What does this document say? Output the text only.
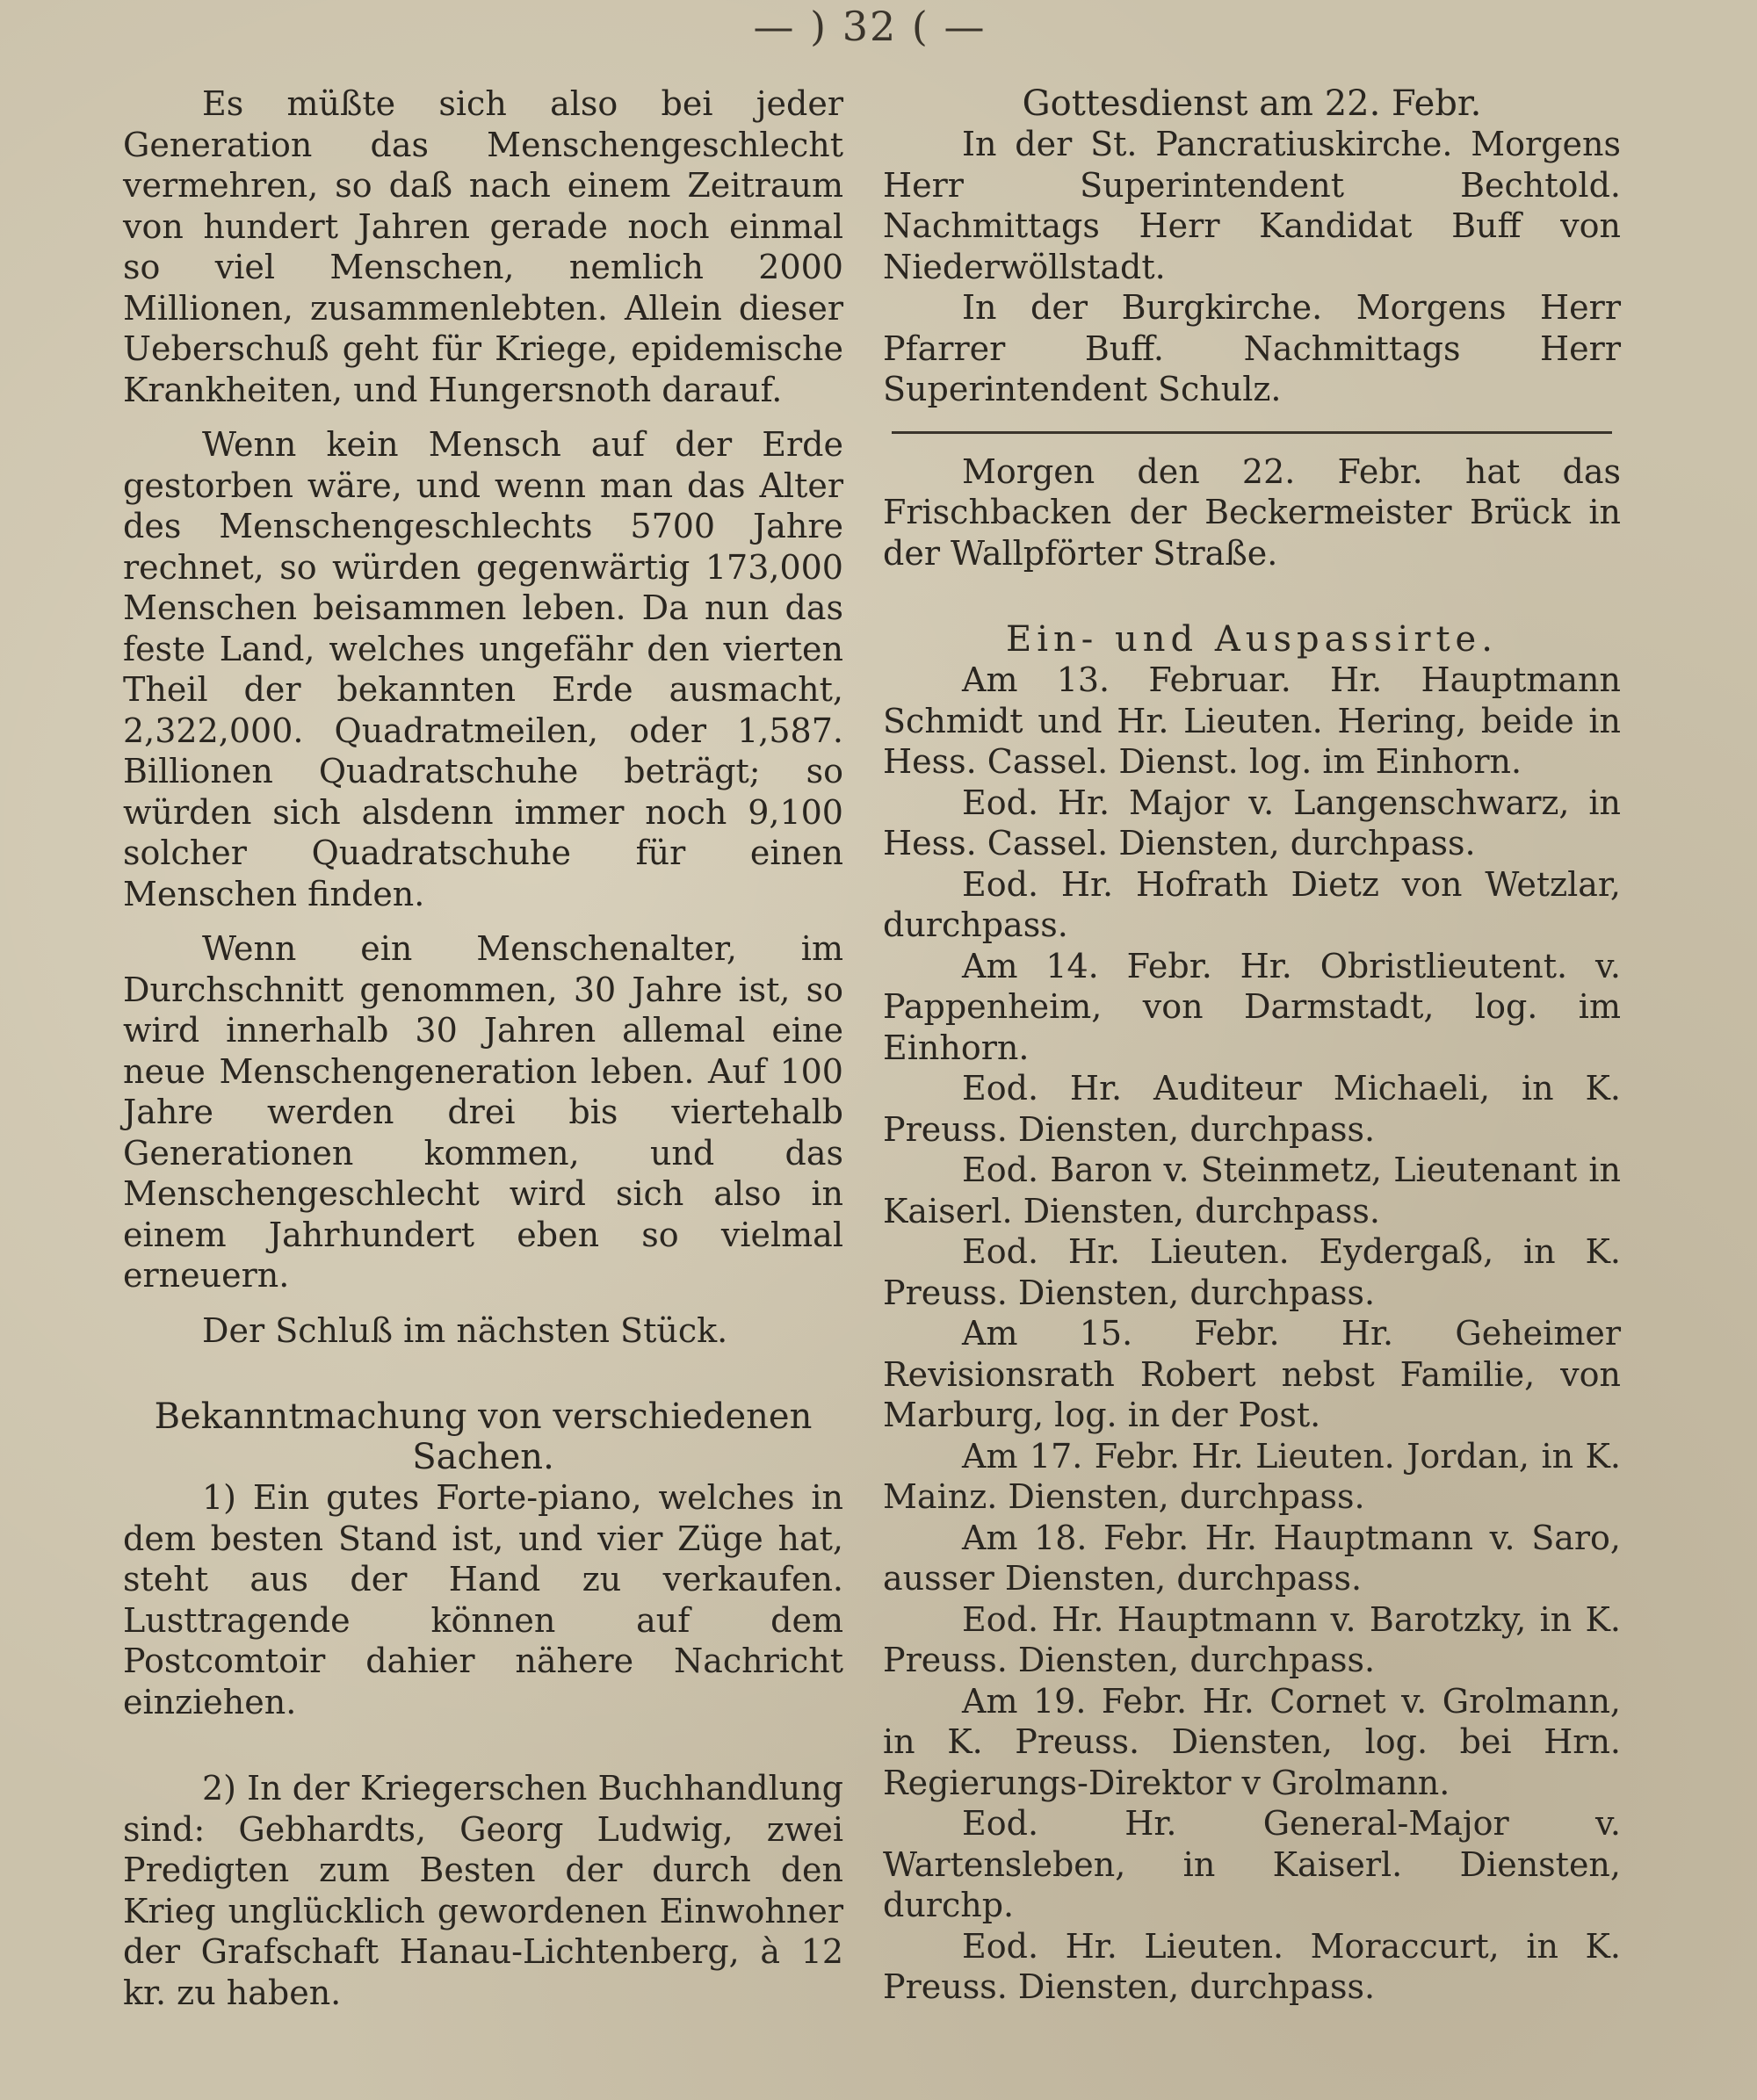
— ) 32 ( —

Es müßte sich also bei jeder Generation das Menschengeschlecht vermehren, so daß nach einem Zeitraum von hundert Jahren gerade noch einmal so viel Menschen, nemlich 2000 Millionen, zusammenlebten. Allein dieser Ueberschuß geht für Kriege, epidemische Krankheiten, und Hungersnoth darauf.

Wenn kein Mensch auf der Erde gestorben wäre, und wenn man das Alter des Menschengeschlechts 5700 Jahre rechnet, so würden gegenwärtig 173,000 Menschen beisammen leben. Da nun das feste Land, welches ungefähr den vierten Theil der bekannten Erde ausmacht, 2,322,000. Quadratmeilen, oder 1,587. Billionen Quadratschuhe beträgt; so würden sich alsdenn immer noch 9,100 solcher Quadratschuhe für einen Menschen finden.

Wenn ein Menschenalter, im Durchschnitt genommen, 30 Jahre ist, so wird innerhalb 30 Jahren allemal eine neue Menschengeneration leben. Auf 100 Jahre werden drei bis viertehalb Generationen kommen, und das Menschengeschlecht wird sich also in einem Jahrhundert eben so vielmal erneuern.

Der Schluß im nächsten Stück.

Bekanntmachung von verschiedenen Sachen.

1) Ein gutes Forte-piano, welches in dem besten Stand ist, und vier Züge hat, steht aus der Hand zu verkaufen. Lusttragende können auf dem Postcomtoir dahier nähere Nachricht einziehen.

2) In der Kriegerschen Buchhandlung sind: Gebhardts, Georg Ludwig, zwei Predigten zum Besten der durch den Krieg unglücklich gewordenen Einwohner der Grafschaft Hanau-Lichtenberg, à 12 kr. zu haben.

Gottesdienst am 22. Febr.

In der St. Pancratiuskirche. Morgens Herr Superintendent Bechtold. Nachmittags Herr Kandidat Buff von Niederwöllstadt.

In der Burgkirche. Morgens Herr Pfarrer Buff. Nachmittags Herr Superintendent Schulz.

Morgen den 22. Febr. hat das Frischbacken der Beckermeister Brück in der Wallpförter Straße.

Ein- und Auspassirte.

Am 13. Februar. Hr. Hauptmann Schmidt und Hr. Lieuten. Hering, beide in Hess. Cassel. Dienst. log. im Einhorn.

Eod. Hr. Major v. Langenschwarz, in Hess. Cassel. Diensten, durchpass.

Eod. Hr. Hofrath Dietz von Wetzlar, durchpass.

Am 14. Febr. Hr. Obristlieutent. v. Pappenheim, von Darmstadt, log. im Einhorn.

Eod. Hr. Auditeur Michaeli, in K. Preuss. Diensten, durchpass.

Eod. Baron v. Steinmetz, Lieutenant in Kaiserl. Diensten, durchpass.

Eod. Hr. Lieuten. Eydergaß, in K. Preuss. Diensten, durchpass.

Am 15. Febr. Hr. Geheimer Revisionsrath Robert nebst Familie, von Marburg, log. in der Post.

Am 17. Febr. Hr. Lieuten. Jordan, in K. Mainz. Diensten, durchpass.

Am 18. Febr. Hr. Hauptmann v. Saro, ausser Diensten, durchpass.

Eod. Hr. Hauptmann v. Barotzky, in K. Preuss. Diensten, durchpass.

Am 19. Febr. Hr. Cornet v. Grolmann, in K. Preuss. Diensten, log. bei Hrn. Regierungs-Direktor v Grolmann.

Eod. Hr. General-Major v. Wartensleben, in Kaiserl. Diensten, durchp.

Eod. Hr. Lieuten. Moraccurt, in K. Preuss. Diensten, durchpass.
